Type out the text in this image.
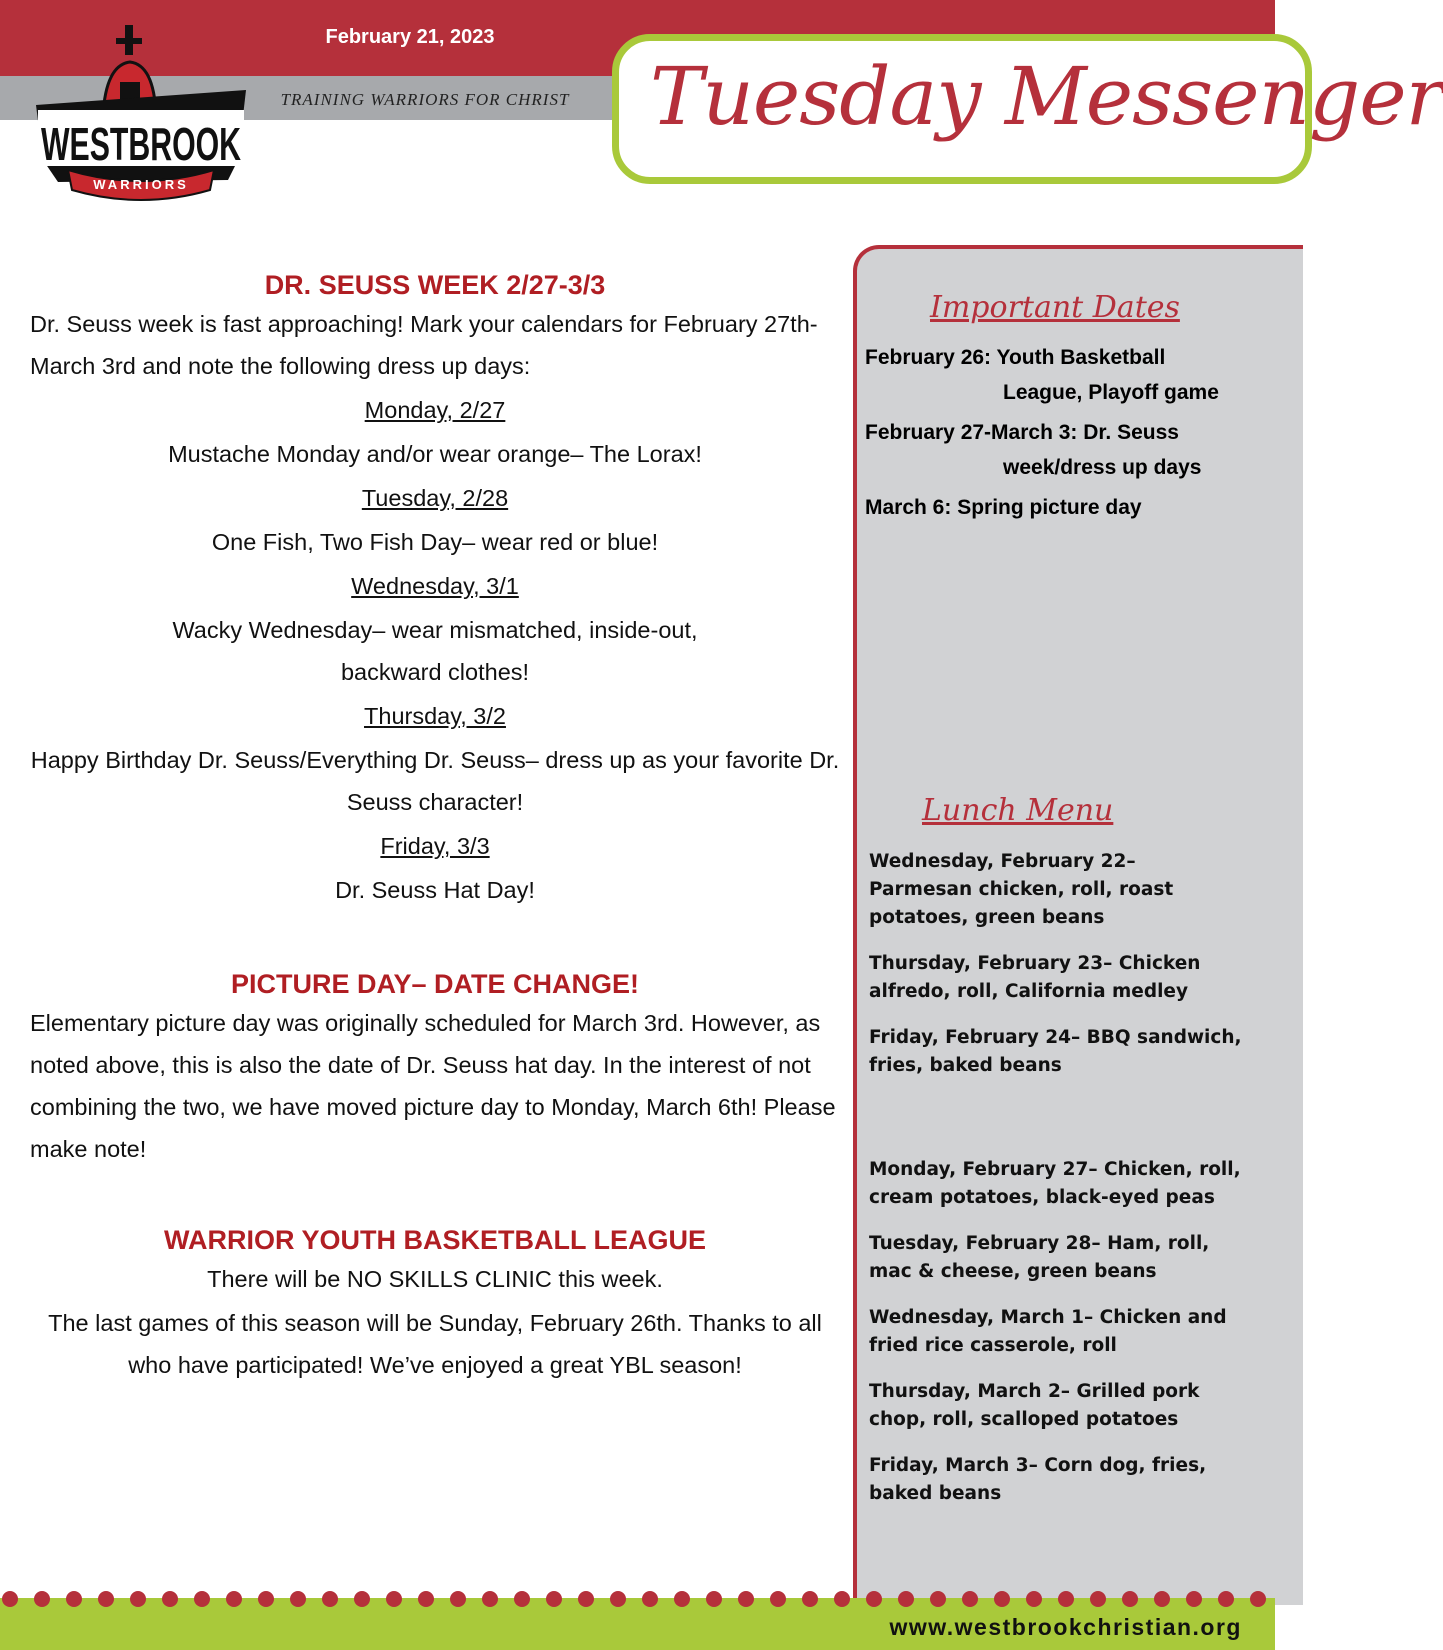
WESTBROOK
WARRIORS
February 21, 2023
TRAINING WARRIORS FOR CHRIST	Tuesday Messenger
DR. SEUSS WEEK 2/27-3/3

Dr. Seuss week is fast approaching! Mark your calendars for February 27th-March 3rd and note the following dress up days:

Monday, 2/27
Mustache Monday and/or wear orange– The Lorax!
Tuesday, 2/28
One Fish, Two Fish Day– wear red or blue!
Wednesday, 3/1
Wacky Wednesday– wear mismatched, inside-out, backward clothes!
Thursday, 3/2
Happy Birthday Dr. Seuss/Everything Dr. Seuss– dress up as your favorite Dr. Seuss character!
Friday, 3/3
Dr. Seuss Hat Day!
PICTURE DAY– DATE CHANGE!

Elementary picture day was originally scheduled for March 3rd. However, as noted above, this is also the date of Dr. Seuss hat day. In the interest of not combining the two, we have moved picture day to Monday, March 6th! Please make note!

WARRIOR YOUTH BASKETBALL LEAGUE
There will be NO SKILLS CLINIC this week.
The last games of this season will be Sunday, February 26th. Thanks to all who have participated! We’ve enjoyed a great YBL season!
Important Dates
February 26: Youth Basketball
League, Playoff game
February 27-March 3: Dr. Seuss
week/dress up days
March 6: Spring picture day
Lunch Menu
Wednesday, February 22– Parmesan chicken, roll, roast potatoes, green beans
Thursday, February 23– Chicken alfredo, roll, California medley
Friday, February 24– BBQ sandwich, fries, baked beans
Monday, February 27– Chicken, roll, cream potatoes, black-eyed peas
Tuesday, February 28– Ham, roll, mac & cheese, green beans
Wednesday, March 1– Chicken and fried rice casserole, roll
Thursday, March 2– Grilled pork chop, roll, scalloped potatoes
Friday, March 3– Corn dog, fries, baked beans
www.westbrookchristian.org
